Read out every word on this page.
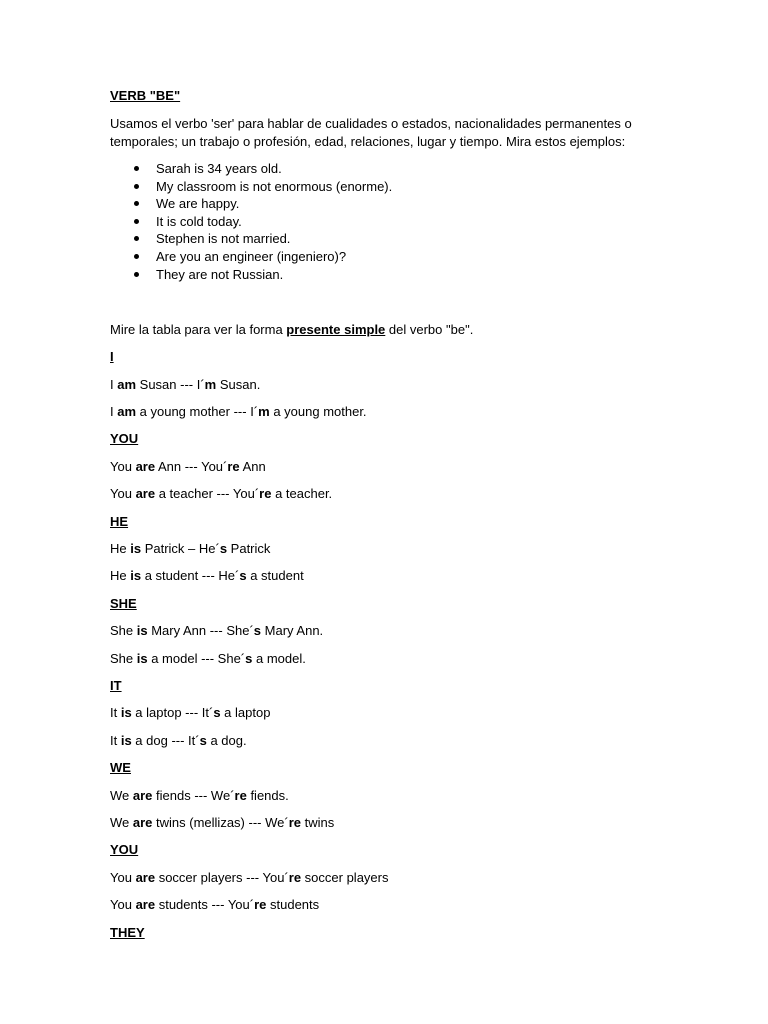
VERB "BE"

Usamos el verbo 'ser' para hablar de cualidades o estados, nacionalidades permanentes o temporales; un trabajo o profesión, edad, relaciones, lugar y tiempo. Mira estos ejemplos:

Sarah is 34 years old.
My classroom is not enormous (enorme).
We are happy.
It is cold today.
Stephen is not married.
Are you an engineer (ingeniero)?
They are not Russian.

Mire la tabla para ver la forma presente simple del verbo "be".

I
I am Susan --- I´m Susan.
I am a young mother --- I´m a young mother.
YOU
You are Ann --- You´re Ann
You are a teacher --- You´re a teacher.
HE
He is Patrick – He´s Patrick
He is a student --- He´s a student
SHE
She is Mary Ann --- She´s Mary Ann.
She is a model --- She´s a model.
IT
It is a laptop --- It´s a laptop
It is a dog --- It´s a dog.
WE
We are fiends --- We´re fiends.
We are twins (mellizas) --- We´re twins
YOU
You are soccer players --- You´re soccer players
You are students --- You´re students
THEY
